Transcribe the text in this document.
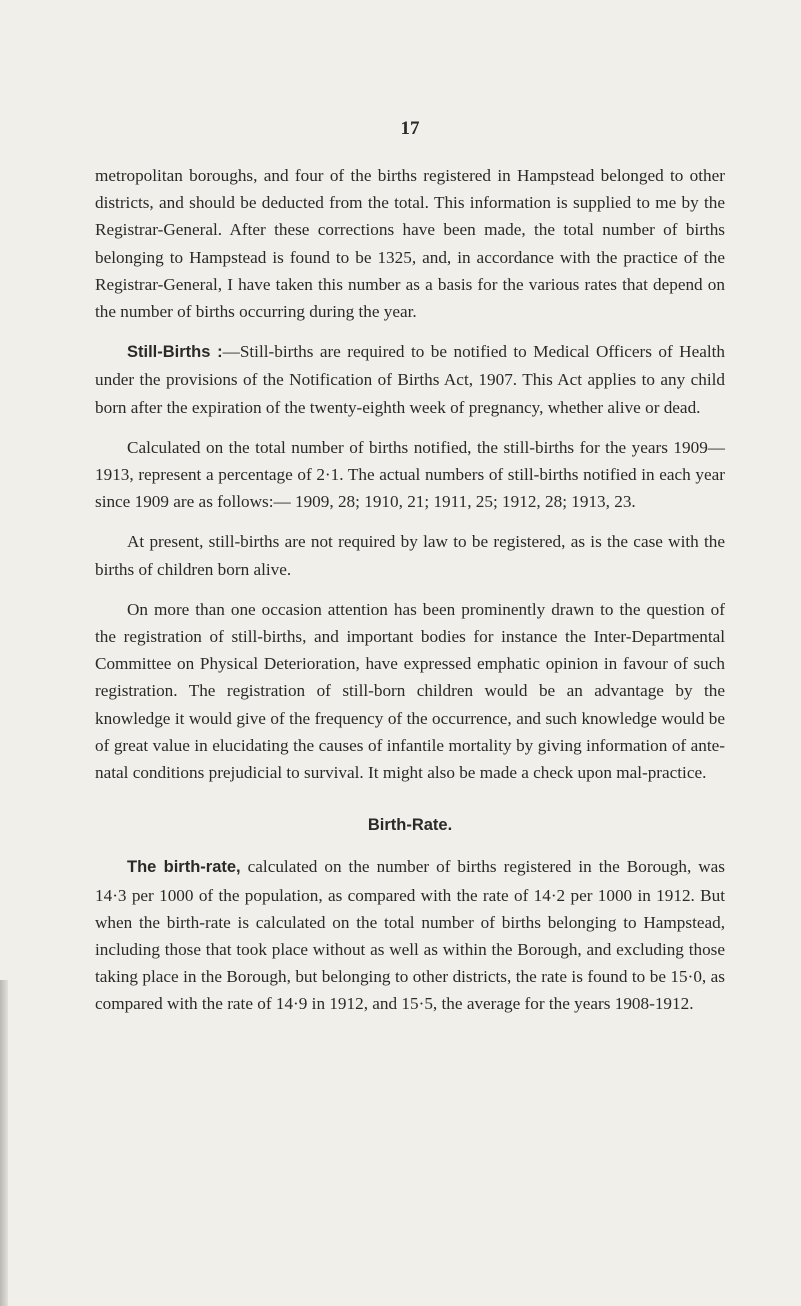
17

metropolitan boroughs, and four of the births registered in Hampstead belonged to other districts, and should be deducted from the total. This information is supplied to me by the Registrar-General. After these corrections have been made, the total number of births belonging to Hampstead is found to be 1325, and, in accordance with the practice of the Registrar-General, I have taken this number as a basis for the various rates that depend on the number of births occurring during the year.

Still-Births :—Still-births are required to be notified to Medical Officers of Health under the provisions of the Notification of Births Act, 1907. This Act applies to any child born after the expiration of the twenty-eighth week of pregnancy, whether alive or dead.

Calculated on the total number of births notified, the still-births for the years 1909—1913, represent a percentage of 2·1. The actual numbers of still-births notified in each year since 1909 are as follows:— 1909, 28; 1910, 21; 1911, 25; 1912, 28; 1913, 23.

At present, still-births are not required by law to be registered, as is the case with the births of children born alive.

On more than one occasion attention has been prominently drawn to the question of the registration of still-births, and important bodies for instance the Inter-Departmental Committee on Physical Deterioration, have expressed emphatic opinion in favour of such registration. The registration of still-born children would be an advantage by the knowledge it would give of the frequency of the occurrence, and such knowledge would be of great value in elucidating the causes of infantile mortality by giving information of ante-natal conditions prejudicial to survival. It might also be made a check upon mal-practice.

Birth-Rate.

The birth-rate, calculated on the number of births registered in the Borough, was 14·3 per 1000 of the population, as compared with the rate of 14·2 per 1000 in 1912. But when the birth-rate is calculated on the total number of births belonging to Hampstead, including those that took place without as well as within the Borough, and excluding those taking place in the Borough, but belonging to other districts, the rate is found to be 15·0, as compared with the rate of 14·9 in 1912, and 15·5, the average for the years 1908-1912.
